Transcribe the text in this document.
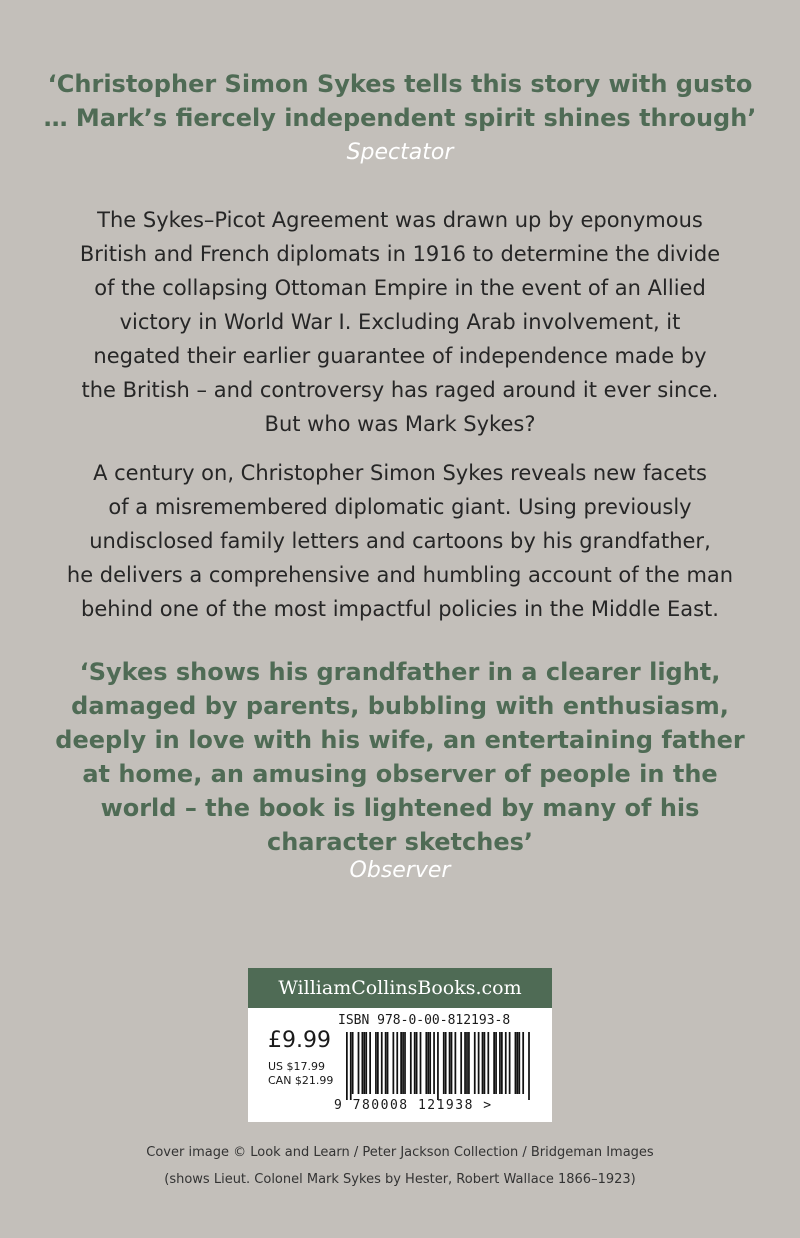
‘Christopher Simon Sykes tells this story with gusto
… Mark’s fiercely independent spirit shines through’
Spectator
The Sykes–Picot Agreement was drawn up by eponymous
British and French diplomats in 1916 to determine the divide
of the collapsing Ottoman Empire in the event of an Allied
victory in World War I. Excluding Arab involvement, it
negated their earlier guarantee of independence made by
the British – and controversy has raged around it ever since.
But who was Mark Sykes?
A century on, Christopher Simon Sykes reveals new facets
of a misremembered diplomatic giant. Using previously
undisclosed family letters and cartoons by his grandfather,
he delivers a comprehensive and humbling account of the man
behind one of the most impactful policies in the Middle East.
‘Sykes shows his grandfather in a clearer light,
damaged by parents, bubbling with enthusiasm,
deeply in love with his wife, an entertaining father
at home, an amusing observer of people in the
world – the book is lightened by many of his
character sketches’
Observer
WilliamCollinsBooks.com
ISBN 978-0-00-812193-8
£9.99
US $17.99
CAN $21.99
9 780008 121938 >
Cover image © Look and Learn / Peter Jackson Collection / Bridgeman Images
(shows Lieut. Colonel Mark Sykes by Hester, Robert Wallace 1866–1923)
